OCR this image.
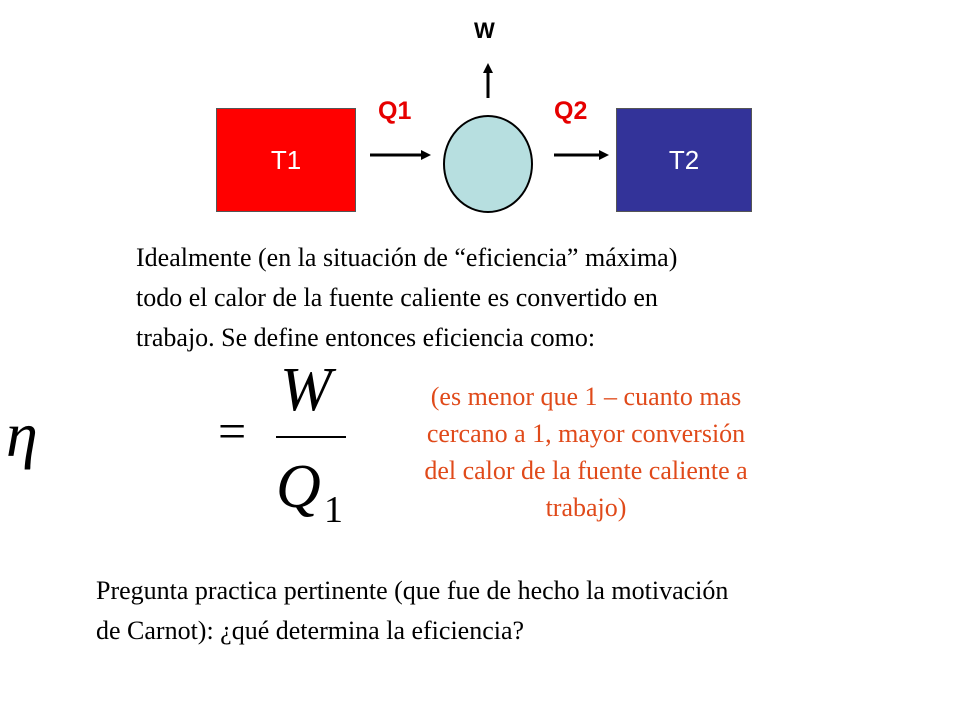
T1	T2
W
Q1	Q2

Idealmente (en la situación de “eficiencia” máxima)
todo el calor de la fuente caliente es convertido en
trabajo. Se define entonces eficiencia como:

η	=
W
Q 1
(es menor que 1 – cuanto mas
cercano a 1, mayor conversión
del calor de la fuente caliente a
trabajo)

Pregunta practica pertinente (que fue de hecho la motivación
de Carnot): ¿qué determina la eficiencia?
